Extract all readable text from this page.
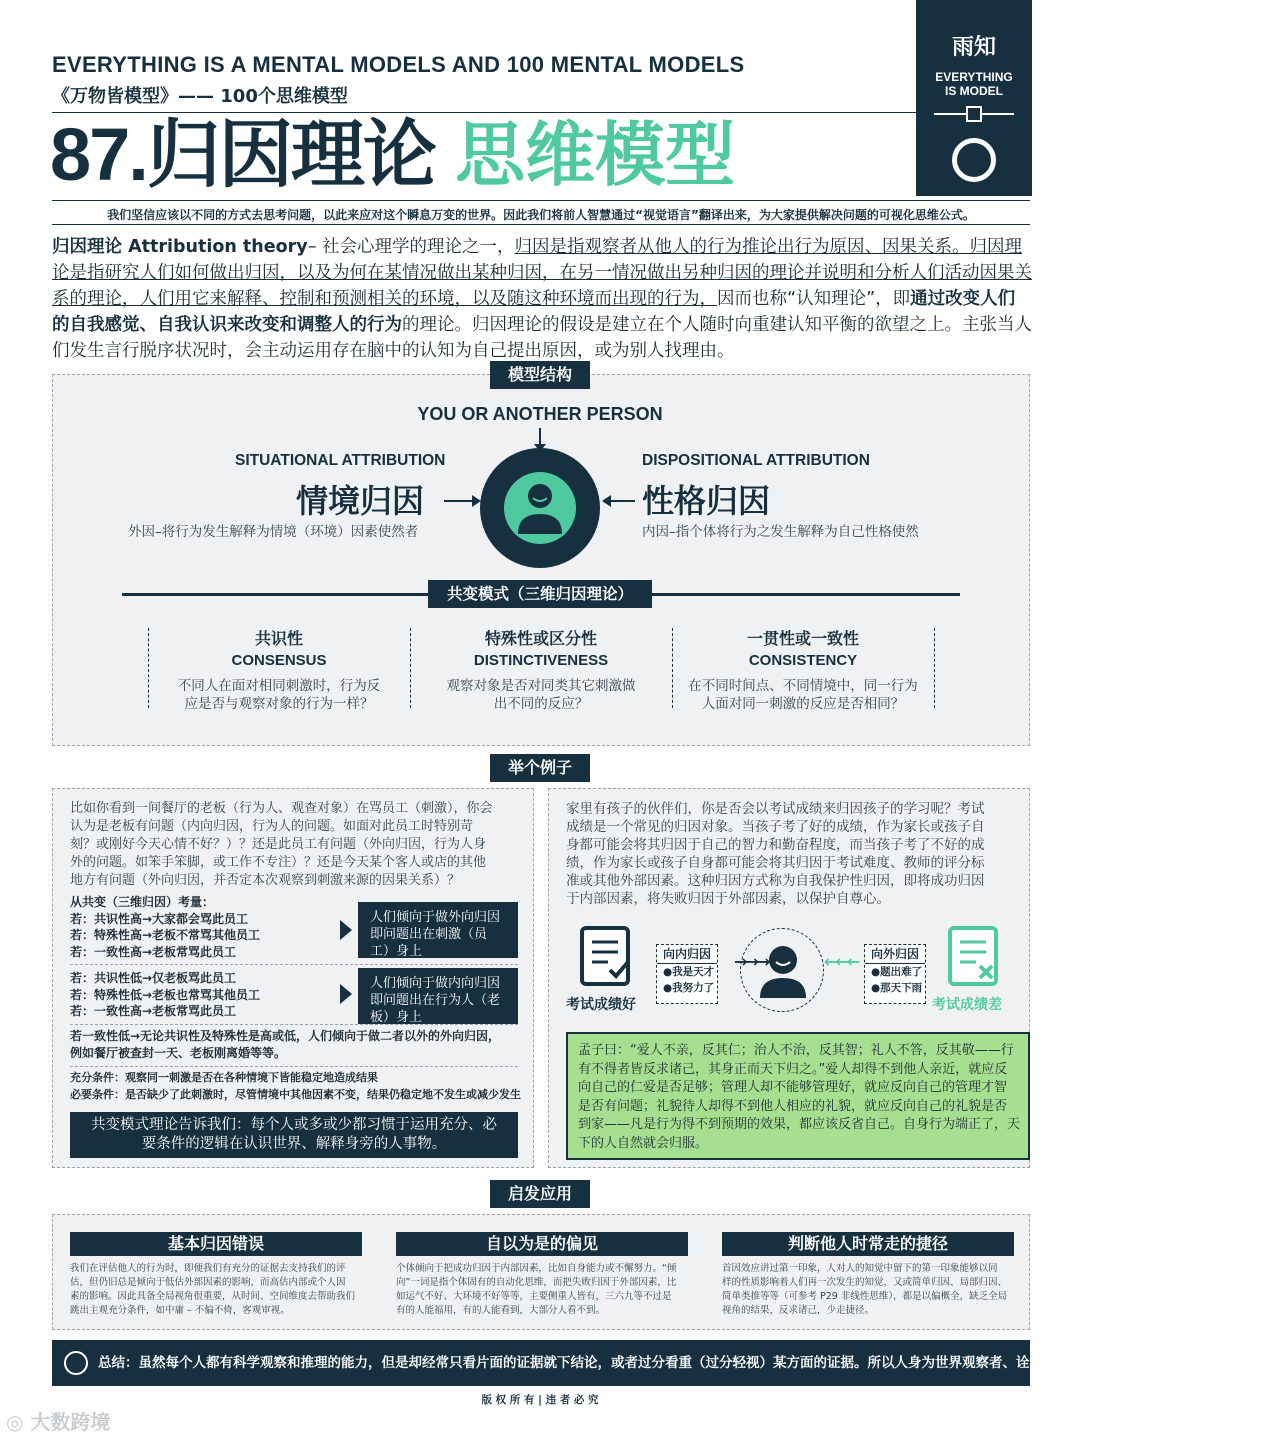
EVERYTHING IS A MENTAL MODELS AND 100 MENTAL MODELS
《万物皆模型》—— 100个思维模型
87.归因理论 思维模型
雨知
EVERYTHING
IS MODEL
我们坚信应该以不同的方式去思考问题，以此来应对这个瞬息万变的世界。因此我们将前人智慧通过“视觉语言”翻译出来，为大家提供解决问题的可视化思维公式。
归因理论 Attribution theory– 社会心理学的理论之一，归因是指观察者从他人的行为推论出行为原因、因果关系。归因理论是指研究人们如何做出归因，以及为何在某情况做出某种归因，在另一情况做出另种归因的理论并说明和分析人们活动因果关系的理论，人们用它来解释、控制和预测相关的环境，以及随这种环境而出现的行为，因而也称“认知理论”，即通过改变人们的自我感觉、自我认识来改变和调整人的行为的理论。归因理论的假设是建立在个人随时向重建认知平衡的欲望之上。主张当人们发生言行脱序状况时，会主动运用存在脑中的认知为自己提出原因，或为别人找理由。
模型结构
YOU OR ANOTHER PERSON
SITUATIONAL ATTRIBUTION
情境归因
外因–将行为发生解释为情境（环境）因素使然者
DISPOSITIONAL ATTRIBUTION
性格归因
内因–指个体将行为之发生解释为自己性格使然
共变模式（三维归因理论）
共识性
CONSENSUS
不同人在面对相同刺激时，行为反
应是否与观察对象的行为一样？
特殊性或区分性
DISTINCTIVENESS
观察对象是否对同类其它刺激做
出不同的反应？
一贯性或一致性
CONSISTENCY
在不同时间点、不同情境中，同一行为
人面对同一刺激的反应是否相同？
举个例子
比如你看到一间餐厅的老板（行为人、观查对象）在骂员工（刺激），你会
认为是老板有问题（内向归因，行为人的问题。如面对此员工时特别苛
刻？或刚好今天心情不好？）？还是此员工有问题（外向归因，行为人身
外的问题。如笨手笨脚，或工作不专注）？还是今天某个客人或店的其他
地方有问题（外向归因，并否定本次观察到刺激来源的因果关系）？
从共变（三维归因）考量：
若：共识性高→大家都会骂此员工
若：特殊性高→老板不常骂其他员工
若：一致性高→老板常骂此员工
人们倾向于做外向归因即问题出在刺激（员工）身上
若：共识性低→仅老板骂此员工
若：特殊性低→老板也常骂其他员工
若：一致性高→老板常骂此员工
人们倾向于做内向归因即问题出在行为人（老板）身上
若一致性低→无论共识性及特殊性是高或低，人们倾向于做二者以外的外向归因，
例如餐厅被查封一天、老板刚离婚等等。
充分条件：观察同一刺激是否在各种情境下皆能稳定地造成结果
必要条件：是否缺少了此刺激时，尽管情境中其他因素不变，结果仍稳定地不发生或减少发生
共变模式理论告诉我们：每个人或多或少都习惯于运用充分、必
要条件的逻辑在认识世界、解释身旁的人事物。
家里有孩子的伙伴们，你是否会以考试成绩来归因孩子的学习呢？考试
成绩是一个常见的归因对象。当孩子考了好的成绩，作为家长或孩子自
身都可能会将其归因于自己的智力和勤奋程度，而当孩子考了不好的成
绩，作为家长或孩子自身都可能会将其归因于考试难度、教师的评分标
准或其他外部因素。这种归因方式称为自我保护性归因，即将成功归因
于内部因素，将失败归因于外部因素，以保护自尊心。
考试成绩好
向内归因
●我是天才
●我努力了
→→→	←←←	向外归因
●题出难了
●那天下雨
考试成绩差
孟子曰：“爱人不亲，反其仁；治人不治，反其智；礼人不答，反其敬——行
有不得者皆反求诸己，其身正而天下归之。”爱人却得不到他人亲近，就应反
向自己的仁爱是否足够；管理人却不能够管理好，就应反向自己的管理才智
是否有问题；礼貌待人却得不到他人相应的礼貌，就应反向自己的礼貌是否
到家——凡是行为得不到预期的效果，都应该反省自己。自身行为端正了，天
下的人自然就会归服。
启发应用
基本归因错误
我们在评估他人的行为时，即便我们有充分的证据去支持我们的评
估，但仍旧总是倾向于低估外部因素的影响，而高估内部或个人因
素的影响。因此具备全局视角很重要，从时间、空间维度去帮助我们
跳出主观充分条件，如中庸 – 不偏不倚，客观审视。
自以为是的偏见
个体倾向于把成功归因于内部因素，比如自身能力或不懈努力。“倾
向”一词是指个体固有的自动化思维，而把失败归因于外部因素，比
如运气不好、大环境不好等等，主要侧重人皆有，三六九等不过是
有的人能福用，有的人能看到，大部分人看不到。
判断他人时常走的捷径
首因效应讲过第一印象，人对人的知觉中留下的第一印象能够以同
样的性质影响着人们再一次发生的知觉，又或简单归因、局部归因、
简单类推等等（可参考 P29 非线性思维），都是以偏概全，缺乏全局
视角的结果，反求诸己，少走捷径。
总结：虽然每个人都有科学观察和推理的能力，但是却经常只看片面的证据就下结论，或者过分看重（过分轻视）某方面的证据。所以人身为世界观察者、诠释者、认识者时，经常犯下“归因错误”。
版 权 所 有 | 违 者 必 究
◎ 大数跨境
